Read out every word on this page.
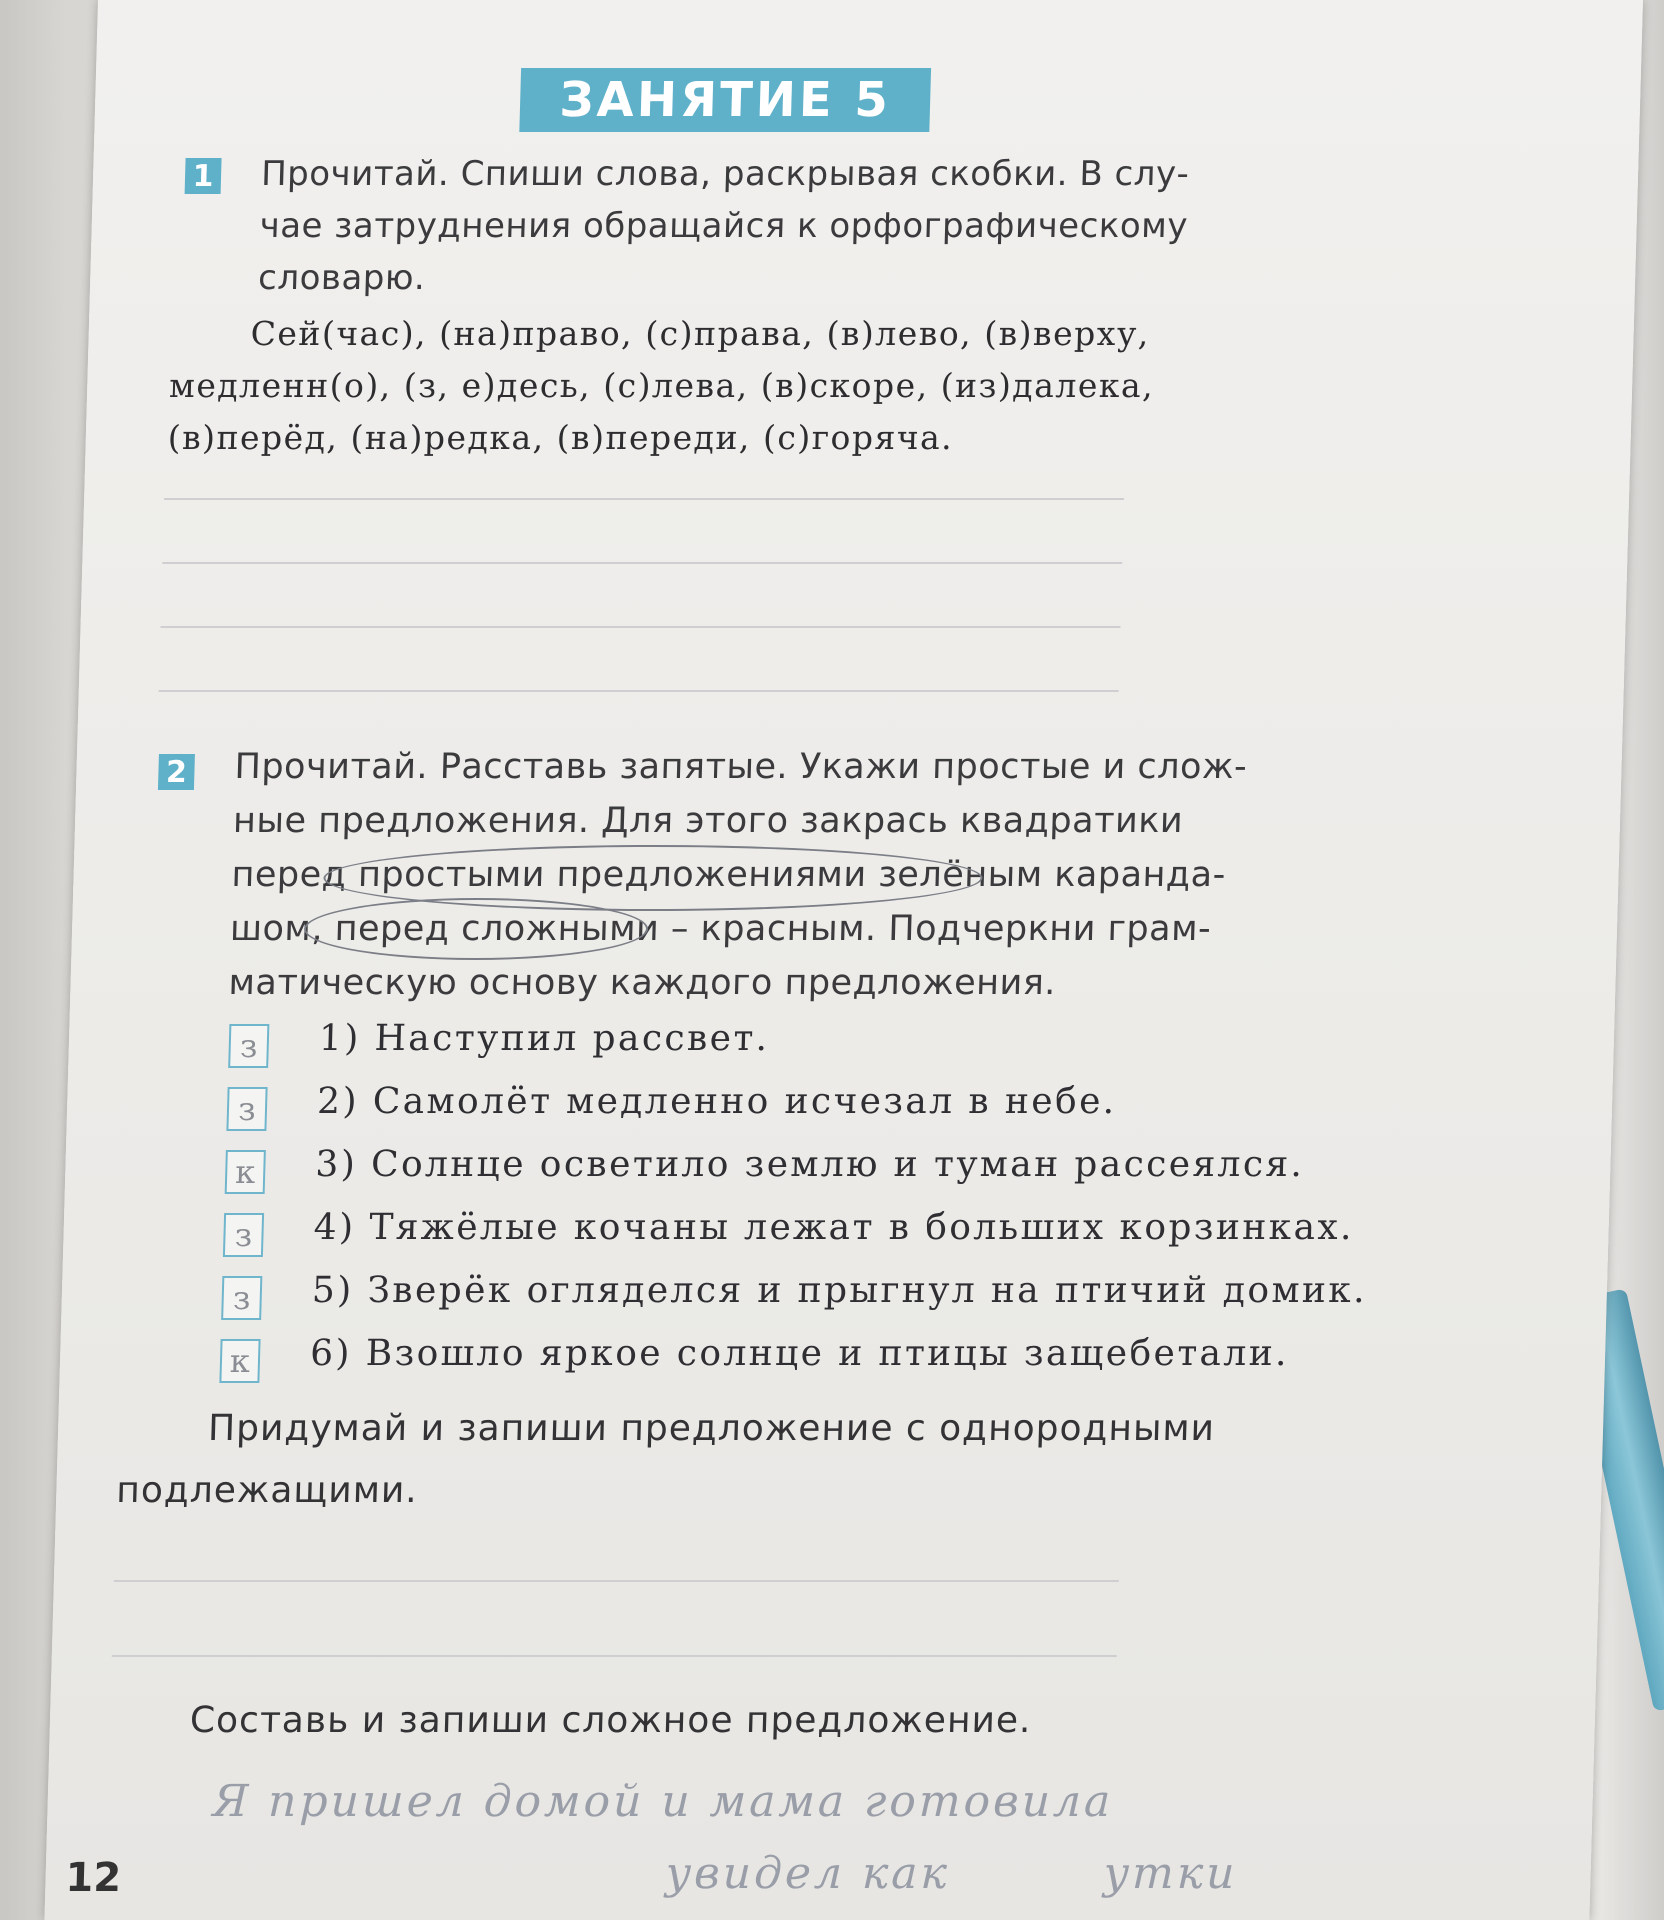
ЗАНЯТИЕ 5
1 Прочитай. Спиши слова, раскрывая скобки. В слу-
чае затруднения обращайся к орфографическому
словарю.
Сей(час), (на)право, (с)права, (в)лево, (в)верху,
медленн(о), (з, е)десь, (с)лева, (в)скоре, (из)далека,
(в)перёд, (на)редка, (в)переди, (с)горяча.
2 Прочитай. Расставь запятые. Укажи простые и слож-
ные предложения. Для этого закрась квадратики
перед простыми предложениями зелёным каранда-
шом, перед сложными – красным. Подчеркни грам-
матическую основу каждого предложения.
з	1) Наступил рассвет.
з	2) Самолёт медленно исчезал в небе.
к 3) Солнце осветило землю и туман рассеялся.
з	4) Тяжёлые кочаны лежат в больших корзинках.
з	5) Зверёк огляделся и прыгнул на птичий домик.
к 6) Взошло яркое солнце и птицы защебетали.
Придумай и запиши предложение с однородными
подлежащими.
Составь и запиши сложное предложение.
Я пришел домой и мама готовила
увидел как	утки
12
